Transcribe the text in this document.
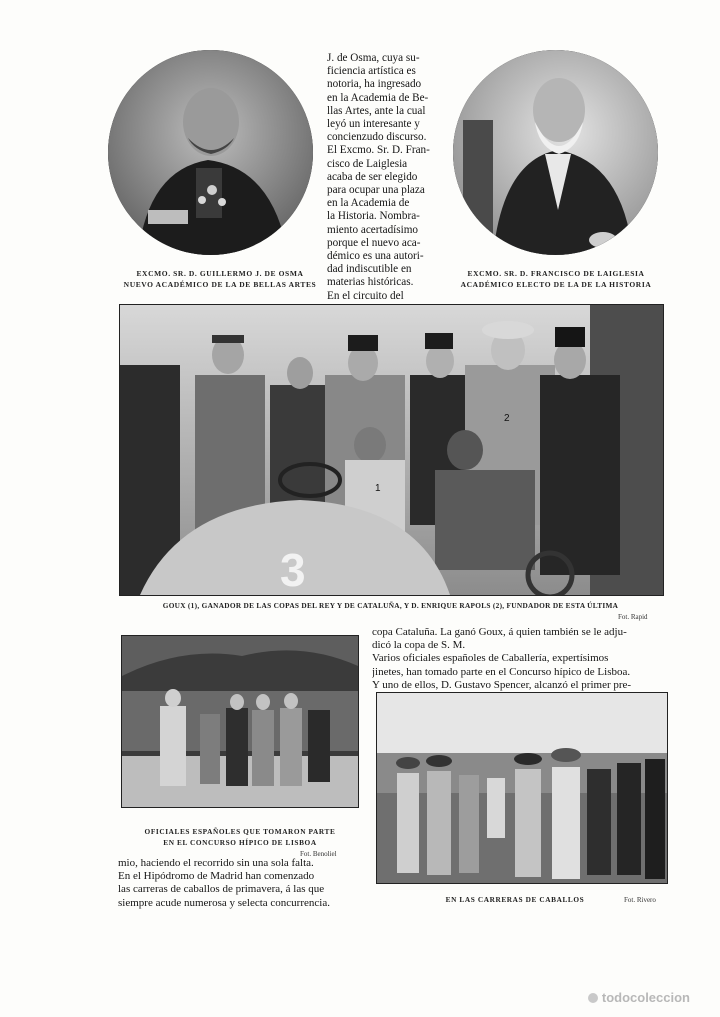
EXCMO. SR. D. GUILLERMO J. DE OSMA
NUEVO ACADÉMICO DE LA DE BELLAS ARTES
J. de Osma, cuya su-
ficiencia artística es
notoria, ha ingresado
en la Academia de Be-
llas Artes, ante la cual
leyó un interesante y
concienzudo discurso.
El Excmo. Sr. D. Fran-
cisco de Laiglesia
acaba de ser elegido
para ocupar una plaza
en la Academia de
la Historia. Nombra-
miento acertadísimo
porque el nuevo aca-
démico es una autori-
dad indiscutible en
materias históricas.
En el circuito del
EXCMO. SR. D. FRANCISCO DE LAIGLESIA
ACADÉMICO ELECTO DE LA DE LA HISTORIA
1
2
3
GOUX (1), GANADOR DE LAS COPAS DEL REY Y DE CATALUÑA, Y D. ENRIQUE RAPOLS (2), FUNDADOR DE ESTA ÚLTIMA
Fot. Rapid
copa Cataluña. La ganó Goux, á quien también se le adju-
dicó la copa de S. M.
Varios oficiales españoles de Caballería, expertísimos
jinetes, han tomado parte en el Concurso hípico de Lisboa.
Y uno de ellos, D. Gustavo Spencer, alcanzó el primer pre-
OFICIALES ESPAÑOLES QUE TOMARON PARTE
EN EL CONCURSO HÍPICO DE LISBOA
Fot. Benoliel
EN LAS CARRERAS DE CABALLOS	Fot. Rivero
mio, haciendo el recorrido sin una sola falta.
En el Hipódromo de Madrid han comenzado
las carreras de caballos de primavera, á las que
siempre acude numerosa y selecta concurrencia.
todocoleccion
